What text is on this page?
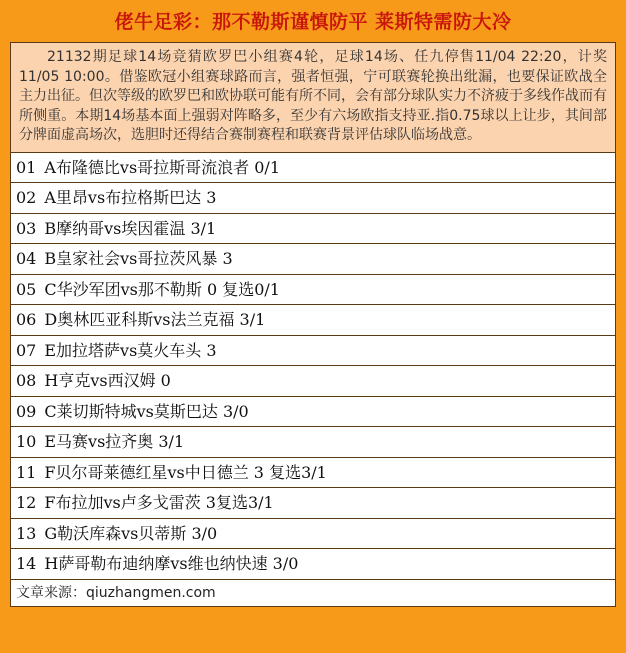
佬牛足彩：那不勒斯谨慎防平 莱斯特需防大冷
21132期足球14场竞猜欧罗巴小组赛4轮，足球14场、任九停售11/04 22:20，计奖11/05 10:00。借鉴欧冠小组赛球路而言，强者恒强，宁可联赛轮换出纰漏，也要保证欧战全主力出征。但次等级的欧罗巴和欧协联可能有所不同，会有部分球队实力不济疲于多线作战而有所侧重。本期14场基本面上强弱对阵略多，至少有六场欧指支持亚.指0.75球以上让步，其间部分牌面虚高场次，选胆时还得结合赛制赛程和联赛背景评估球队临场战意。
01 A布隆德比vs哥拉斯哥流浪者 0/1
02 A里昂vs布拉格斯巴达 3
03 B摩纳哥vs埃因霍温 3/1
04 B皇家社会vs哥拉茨风暴 3
05 C华沙军团vs那不勒斯 0 复选0/1
06 D奥林匹亚科斯vs法兰克福 3/1
07 E加拉塔萨vs莫火车头 3
08 H亨克vs西汉姆 0
09 C莱切斯特城vs莫斯巴达 3/0
10 E马赛vs拉齐奥 3/1
11 F贝尔哥莱德红星vs中日德兰 3 复选3/1
12 F布拉加vs卢多戈雷茨 3复选3/1
13 G勒沃库森vs贝蒂斯 3/0
14 H萨哥勒布迪纳摩vs维也纳快速 3/0
文章来源：qiuzhangmen.com
